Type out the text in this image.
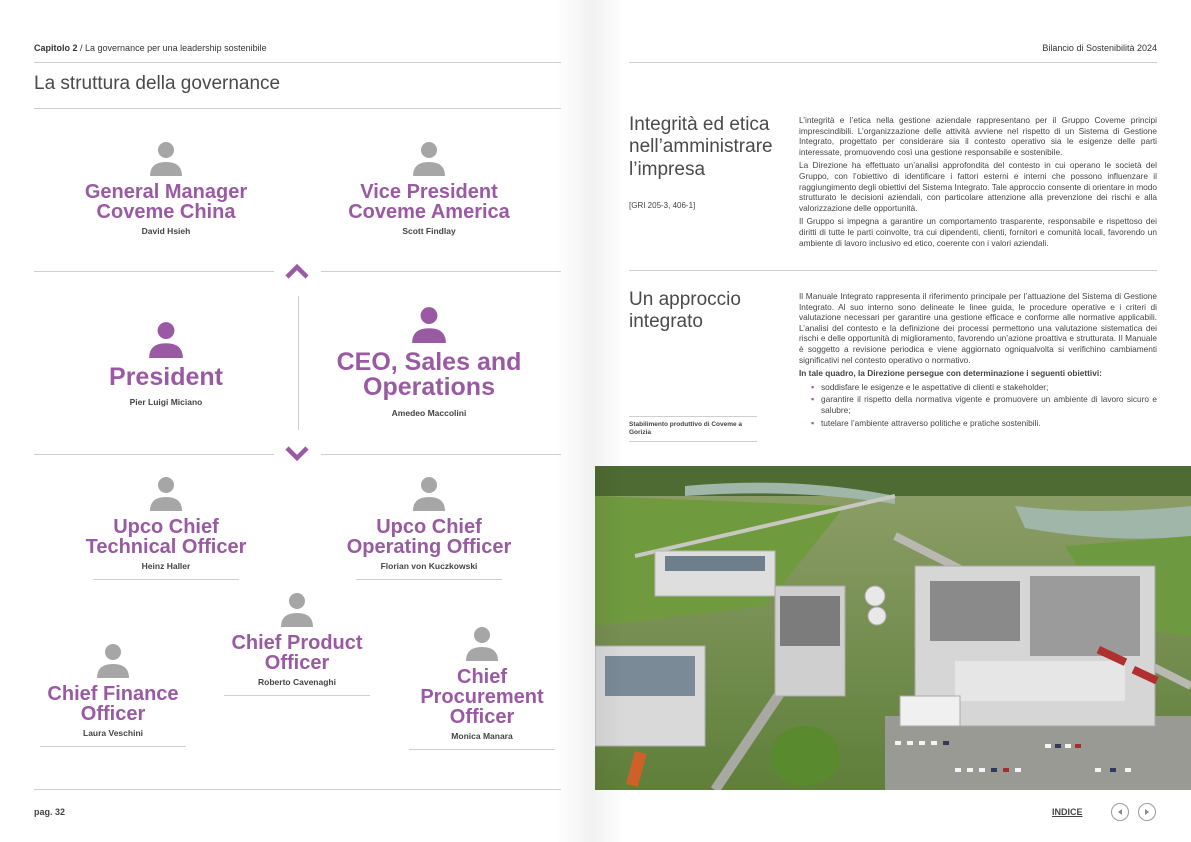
Capitolo 2 / La governance per una leadership sostenibile
La struttura della governance
General Manager
Coveme China
David Hsieh
Vice President
Coveme America
Scott Findlay
President
Pier Luigi Miciano
CEO, Sales and
Operations
Amedeo Maccolini
Upco Chief
Technical Officer
Heinz Haller
Upco Chief
Operating Officer
Florian von Kuczkowski
Chief Product
Officer
Roberto Cavenaghi
Chief Finance
Officer
Laura Veschini
Chief
Procurement
Officer
Monica Manara
pag. 32
Bilancio di Sostenibilità 2024
Integrità ed etica
nell’amministrare
l’impresa
[GRI 205-3, 406-1]

L’integrità e l’etica nella gestione aziendale rappresentano per il Gruppo Coveme principi imprescindibili. L’organizzazione delle attività avviene nel rispetto di un Sistema di Gestione Integrato, progettato per considerare sia il contesto operativo sia le esigenze delle parti interessate, promuovendo così una gestione responsabile e sostenibile.

La Direzione ha effettuato un’analisi approfondita del contesto in cui operano le società del Gruppo, con l’obiettivo di identificare i fattori esterni e interni che possono influenzare il raggiungimento degli obiettivi del Sistema Integrato. Tale approccio consente di orientare in modo strutturato le decisioni aziendali, con particolare attenzione alla prevenzione dei rischi e alla valorizzazione delle opportunità.

Il Gruppo si impegna a garantire un comportamento trasparente, responsabile e rispettoso dei diritti di tutte le parti coinvolte, tra cui dipendenti, clienti, fornitori e comunità locali, favorendo un ambiente di lavoro inclusivo ed etico, coerente con i valori aziendali.

Un approccio
integrato

Il Manuale Integrato rappresenta il riferimento principale per l’attuazione del Sistema di Gestione Integrato. Al suo interno sono delineate le linee guida, le procedure operative e i criteri di valutazione necessari per garantire una gestione efficace e conforme alle normative applicabili. L’analisi del contesto e la definizione dei processi permettono una valutazione sistematica dei rischi e delle opportunità di miglioramento, favorendo un’azione proattiva e strutturata. Il Manuale è soggetto a revisione periodica e viene aggiornato ogniqualvolta si verifichino cambiamenti significativi nel contesto operativo o normativo.

In tale quadro, la Direzione persegue con determinazione i seguenti obiettivi:

▪ soddisfare le esigenze e le aspettative di clienti e stakeholder;
▪ garantire il rispetto della normativa vigente e promuovere un ambiente di lavoro sicuro e salubre;
▪ tutelare l’ambiente attraverso politiche e pratiche sostenibili.
Stabilimento produttivo di Coveme a Gorizia
INDICE
